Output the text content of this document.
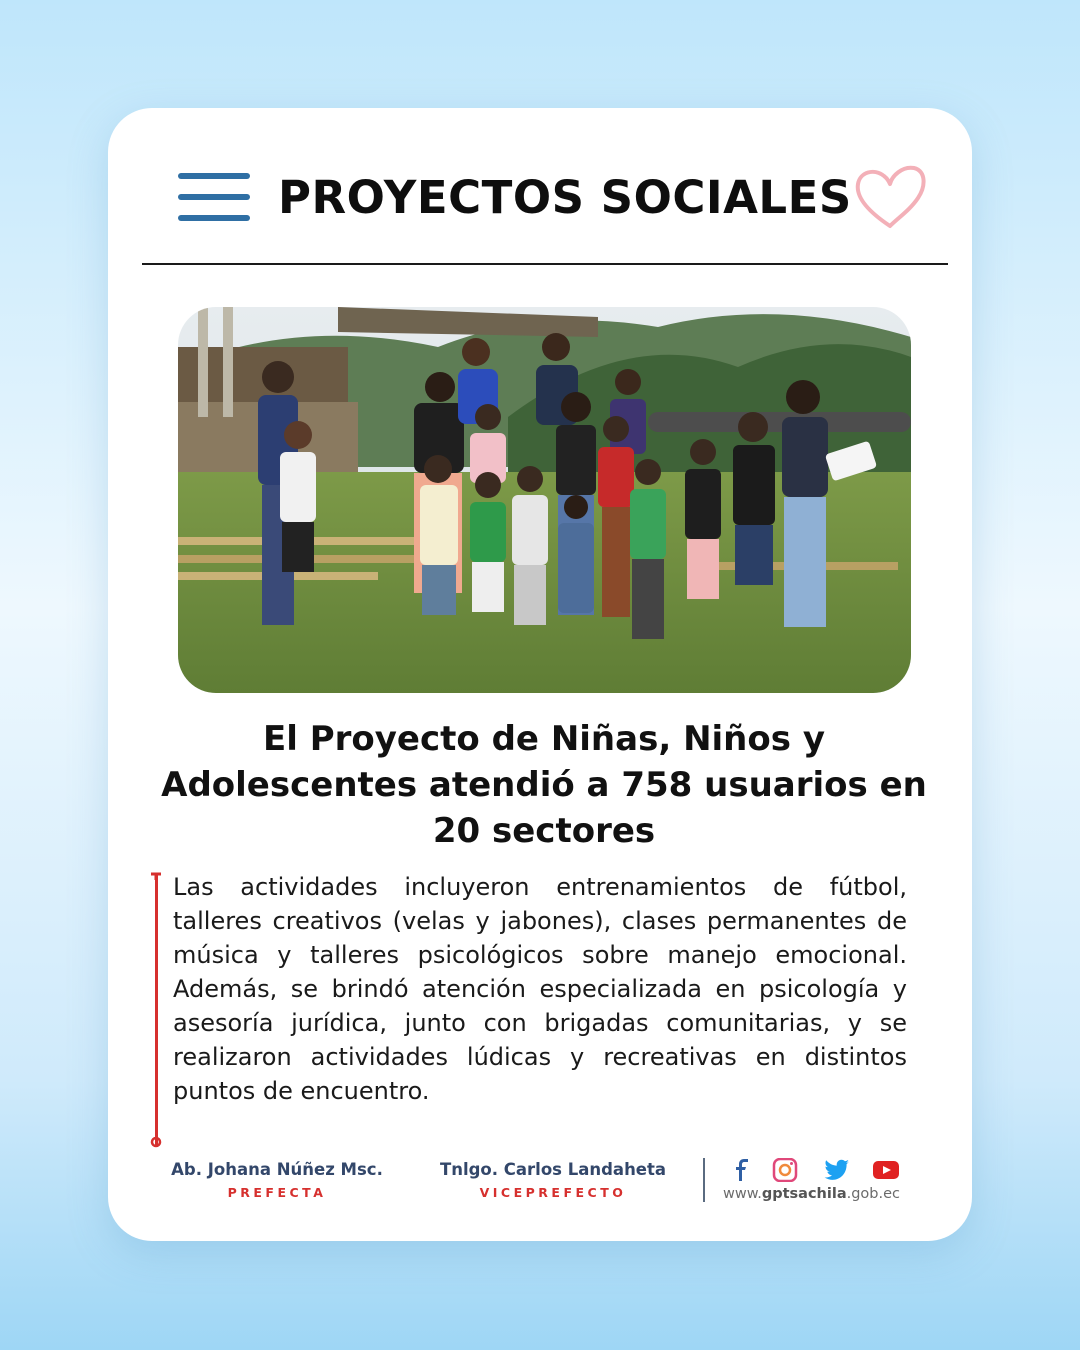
PROYECTOS SOCIALES
El Proyecto de Niñas, Niños y Adolescentes atendió a 758 usuarios en 20 sectores

Las actividades incluyeron entrenamientos de fútbol, talleres creativos (velas y jabones), clases permanentes de música y talleres psicológicos sobre manejo emocional. Además, se brindó atención especializada en psicología y asesoría jurídica, junto con brigadas comunitarias, y se realizaron actividades lúdicas y recreativas en distintos puntos de encuentro.

Ab. Johana Núñez Msc.
PREFECTA
Tnlgo. Carlos Landaheta
VICEPREFECTO	www.gptsachila.gob.ec
